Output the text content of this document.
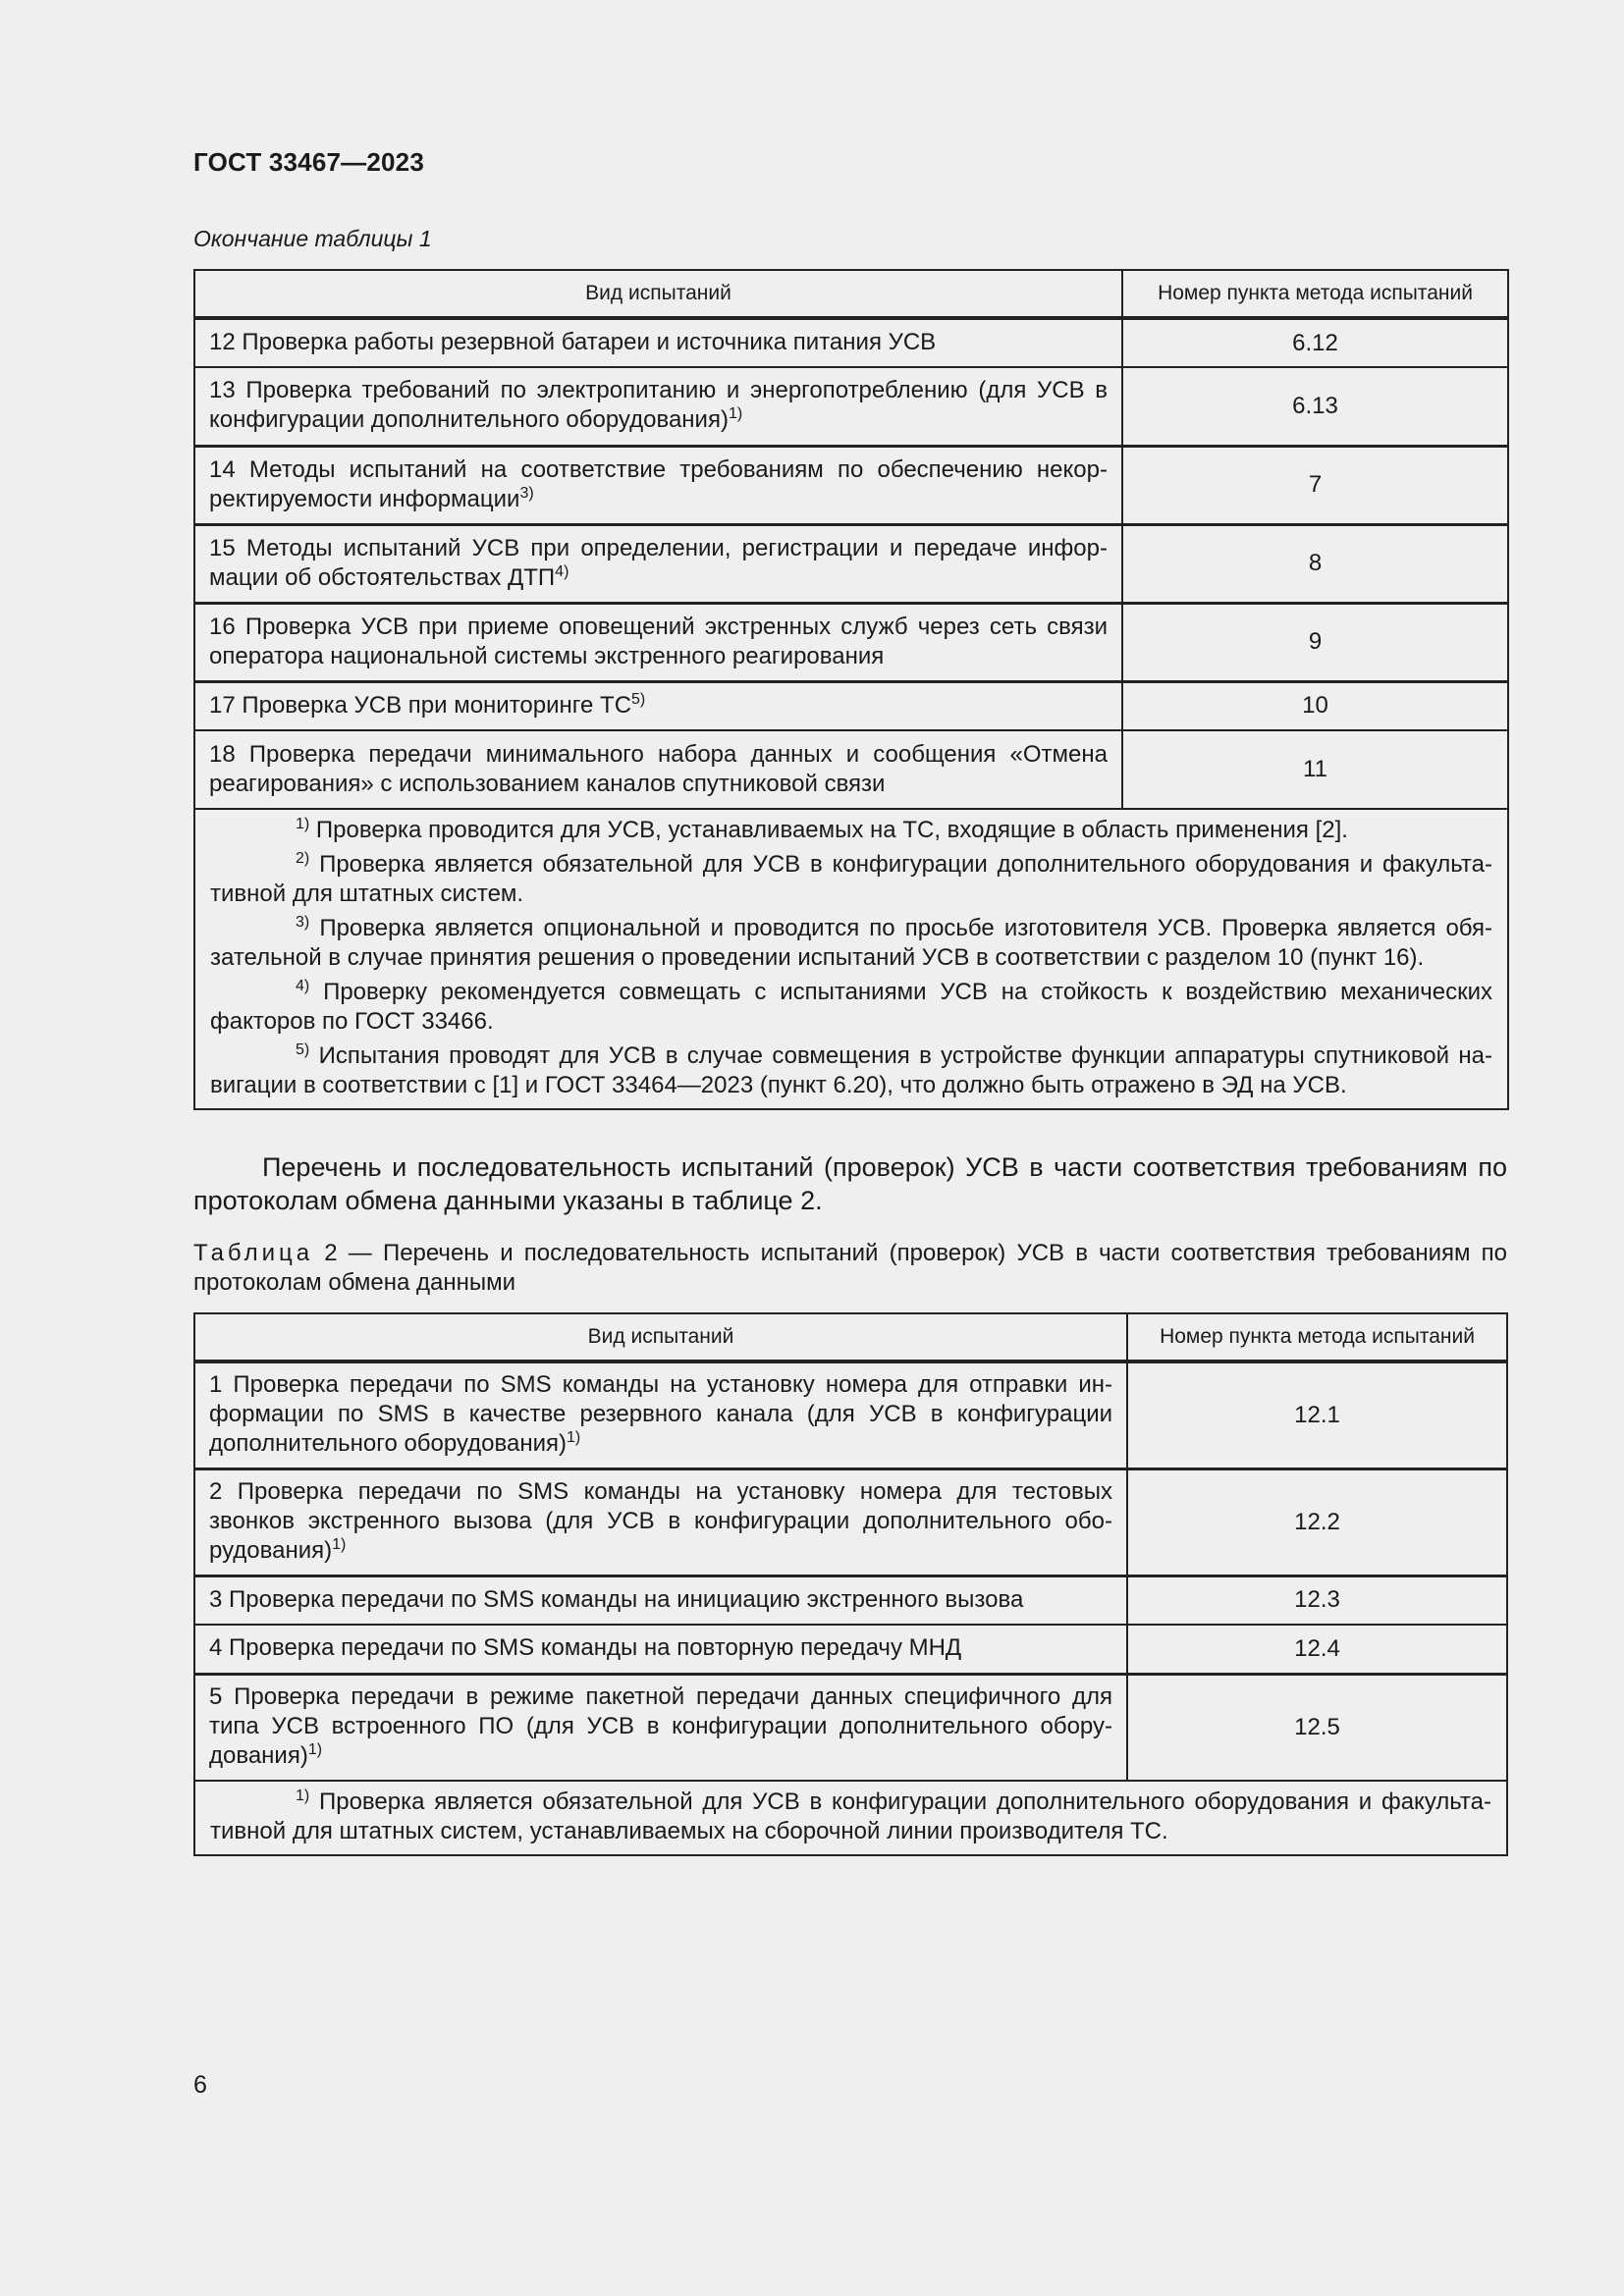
ГОСТ 33467—2023
Окончание таблицы 1
Вид испытаний	Номер пункта метода испытаний
12 Проверка работы резервной батареи и источника питания УСВ	6.12
13 Проверка требований по электропитанию и энергопотреблению (для УСВ в конфигурации дополнительного оборудования)$^{1)}$	6.13
14 Методы испытаний на соответствие требованиям по обеспечению некорректируемости информации$^{3)}$	7
15 Методы испытаний УСВ при определении, регистрации и передаче информации об обстоятельствах ДТП$^{4)}$	8
16 Проверка УСВ при приеме оповещений экстренных служб через сеть связи оператора национальной системы экстренного реагирования	9
17 Проверка УСВ при мониторинге ТС$^{5)}$	10
18 Проверка передачи минимального набора данных и сообщения «Отмена реагирования» с использованием каналов спутниковой связи	11

$^{1)}$ Проверка проводится для УСВ, устанавливаемых на ТС, входящие в область применения [2].

$^{2)}$ Проверка является обязательной для УСВ в конфигурации дополнительного оборудования и факультативной для штатных систем.

$^{3)}$ Проверка является опциональной и проводится по просьбе изготовителя УСВ. Проверка является обязательной в случае принятия решения о проведении испытаний УСВ в соответствии с разделом 10 (пункт 16).

$^{4)}$ Проверку рекомендуется совмещать с испытаниями УСВ на стойкость к воздействию механических факторов по ГОСТ 33466.

$^{5)}$ Испытания проводят для УСВ в случае совмещения в устройстве функции аппаратуры спутниковой навигации в соответствии с [1] и ГОСТ 33464—2023 (пункт 6.20), что должно быть отражено в ЭД на УСВ.	

Перечень и последовательность испытаний (проверок) УСВ в части соответствия требованиям по протоколам обмена данными указаны в таблице 2.

Таблица 2 — Перечень и последовательность испытаний (проверок) УСВ в части соответствия требованиям по протоколам обмена данными
Вид испытаний	Номер пункта метода испытаний
1 Проверка передачи по SMS команды на установку номера для отправки информации по SMS в качестве резервного канала (для УСВ в конфигурации дополнительного оборудования)$^{1)}$	12.1
2 Проверка передачи по SMS команды на установку номера для тестовых звонков экстренного вызова (для УСВ в конфигурации дополнительного оборудования)$^{1)}$	12.2
3 Проверка передачи по SMS команды на инициацию экстренного вызова	12.3
4 Проверка передачи по SMS команды на повторную передачу МНД	12.4
5 Проверка передачи в режиме пакетной передачи данных специфичного для типа УСВ встроенного ПО (для УСВ в конфигурации дополнительного оборудования)$^{1)}$	12.5

$^{1)}$ Проверка является обязательной для УСВ в конфигурации дополнительного оборудования и факультативной для штатных систем, устанавливаемых на сборочной линии производителя ТС.	

6
